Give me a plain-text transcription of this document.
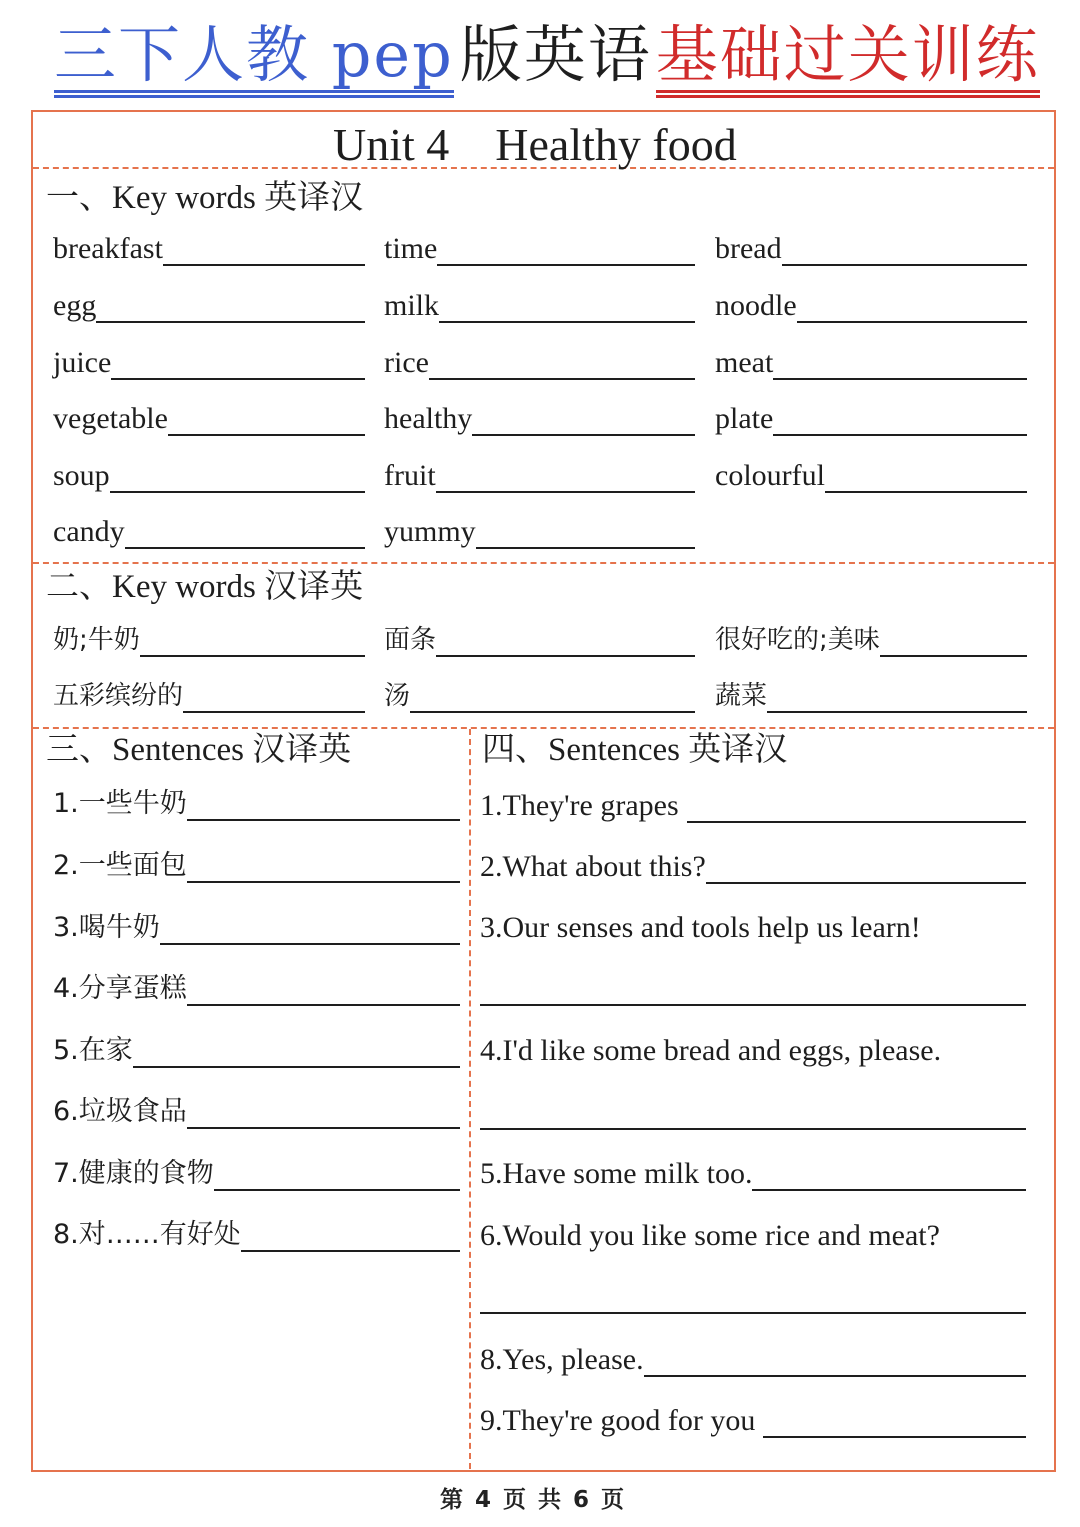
三下人教 pep版英语基础过关训练
Unit 4 Healthy food
一、Key words 英译汉
breakfast	time	bread
egg	milk	noodle
juice	rice	meat
vegetable	healthy	plate
soup	fruit	colourful
candy	yummy
二、Key words 汉译英
奶;牛奶	面条	很好吃的;美味
五彩缤纷的	汤	蔬菜
三、Sentences 汉译英
1.一些牛奶
2.一些面包
3.喝牛奶
4.分享蛋糕
5.在家
6.垃圾食品
7.健康的食物
8.对……有好处
四、Sentences 英译汉
1.They're grapes
2.What about this?
3.Our senses and tools help us learn!
4.I'd like some bread and eggs, please.
5.Have some milk too.
6.Would you like some rice and meat?
8.Yes, please.
9.They're good for you
第 4 页 共 6 页
